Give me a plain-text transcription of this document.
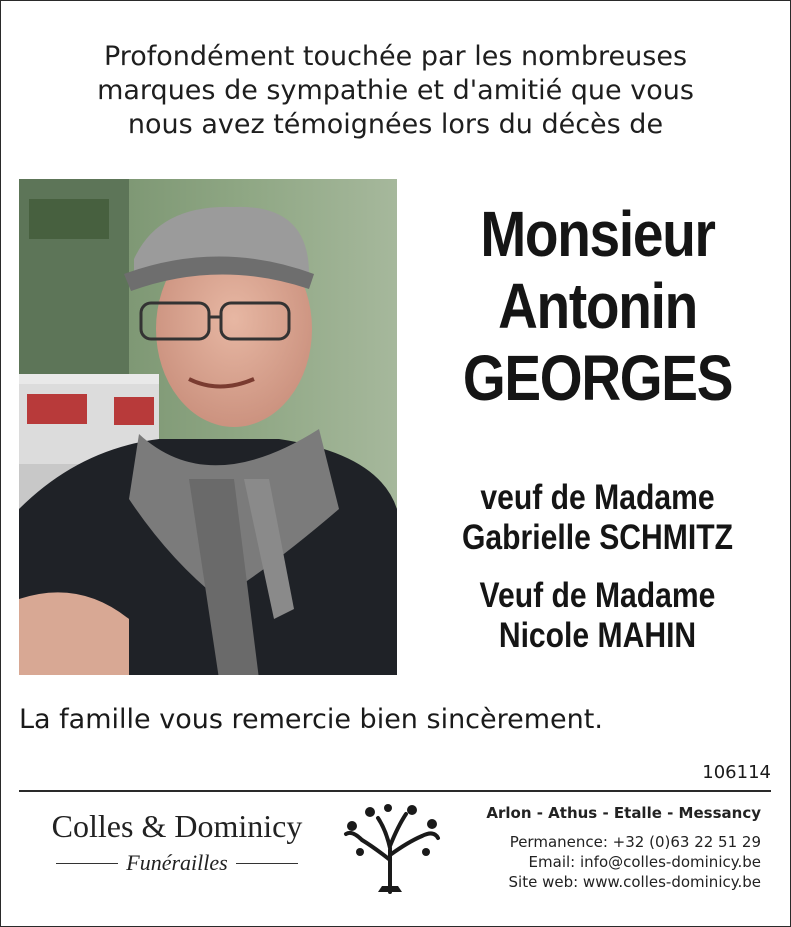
Profondément touchée par les nombreuses
marques de sympathie et d'amitié que vous
nous avez témoignées lors du décès de
Monsieur
Antonin
GEORGES
veuf de Madame
Gabrielle SCHMITZ
Veuf de Madame
Nicole MAHIN
La famille vous remercie bien sincèrement.
106114
Colles & Dominicy
Funérailles
Arlon - Athus - Etalle - Messancy
Permanence: +32 (0)63 22 51 29
Email: info@colles-dominicy.be
Site web: www.colles-dominicy.be
